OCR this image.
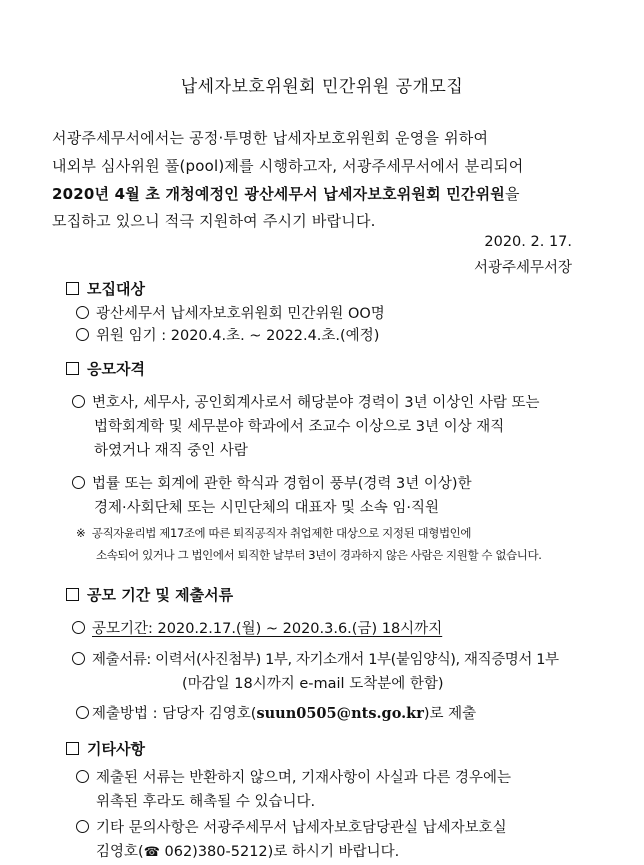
납세자보호위원회 민간위원 공개모집
서광주세무서에서는 공정·투명한 납세자보호위원회 운영을 위하여
내외부 심사위원 풀(pool)제를 시행하고자, 서광주세무서에서 분리되어
2020년 4월 초 개청예정인 광산세무서 납세자보호위원회 민간위원을
모집하고 있으니 적극 지원하여 주시기 바랍니다.
2020. 2. 17.
서광주세무서장
모집대상
광산세무서 납세자보호위원회 민간위원 OO명
위원 임기 : 2020.4.초. ~ 2022.4.초.(예정)
응모자격
변호사, 세무사, 공인회계사로서 해당분야 경력이 3년 이상인 사람 또는
법학회계학 및 세무분야 학과에서 조교수 이상으로 3년 이상 재직
하였거나 재직 중인 사람
법률 또는 회계에 관한 학식과 경험이 풍부(경력 3년 이상)한
경제·사회단체 또는 시민단체의 대표자 및 소속 임·직원
※ 공직자윤리법 제17조에 따른 퇴직공직자 취업제한 대상으로 지정된 대형법인에
소속되어 있거나 그 법인에서 퇴직한 날부터 3년이 경과하지 않은 사람은 지원할 수 없습니다.
공모 기간 및 제출서류
공모기간: 2020.2.17.(월) ~ 2020.3.6.(금) 18시까지
제출서류: 이력서(사진첨부) 1부, 자기소개서 1부(붙임양식), 재직증명서 1부
(마감일 18시까지 e-mail 도착분에 한함)
제출방법 : 담당자 김영호(suun0505@nts.go.kr)로 제출
기타사항
제출된 서류는 반환하지 않으며, 기재사항이 사실과 다른 경우에는
위촉된 후라도 해촉될 수 있습니다.
기타 문의사항은 서광주세무서 납세자보호담당관실 납세자보호실
김영호(☎ 062)380-5212)로 하시기 바랍니다.
